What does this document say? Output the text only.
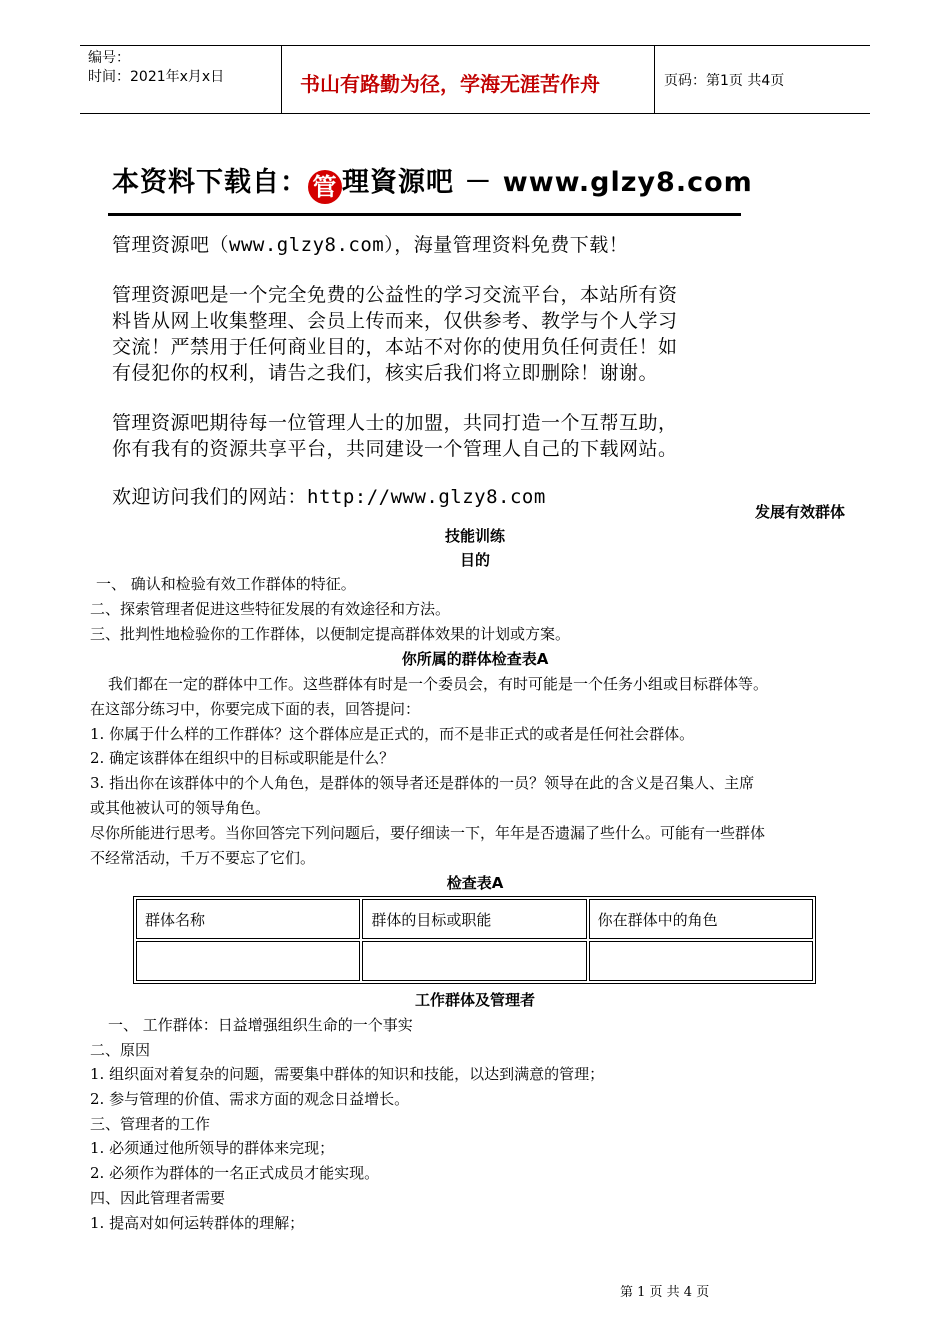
编号：
时间：2021年x月x日	书山有路勤为径，学海无涯苦作舟	页码：第1页 共4页
本资料下载自： 管 理資源吧 － www.glzy8.com
管理资源吧（www.glzy8.com），海量管理资料免费下载！
管理资源吧是一个完全免费的公益性的学习交流平台，本站所有资
料皆从网上收集整理、会员上传而来，仅供参考、教学与个人学习
交流！严禁用于任何商业目的，本站不对你的使用负任何责任！如
有侵犯你的权利，请告之我们，核实后我们将立即删除！谢谢。
管理资源吧期待每一位管理人士的加盟，共同打造一个互帮互助，
你有我有的资源共享平台，共同建设一个管理人自己的下载网站。
欢迎访问我们的网站：http://www.glzy8.com
发展有效群体
技能训练
目的
一、 确认和检验有效工作群体的特征。
二、探索管理者促进这些特征发展的有效途径和方法。
三、批判性地检验你的工作群体，以便制定提高群体效果的计划或方案。
你所属的群体检查表A
我们都在一定的群体中工作。这些群体有时是一个委员会，有时可能是一个任务小组或目标群体等。
在这部分练习中，你要完成下面的表，回答提问：
1. 你属于什么样的工作群体？这个群体应是正式的，而不是非正式的或者是任何社会群体。
2. 确定该群体在组织中的目标或职能是什么？
3. 指出你在该群体中的个人角色，是群体的领导者还是群体的一员？领导在此的含义是召集人、主席
或其他被认可的领导角色。
尽你所能进行思考。当你回答完下列问题后，要仔细读一下，年年是否遗漏了些什么。可能有一些群体
不经常活动，千万不要忘了它们。
检查表A
群体名称	群体的目标或职能	你在群体中的角色

工作群体及管理者
一、 工作群体：日益增强组织生命的一个事实
二、原因
1. 组织面对着复杂的问题，需要集中群体的知识和技能，以达到满意的管理；
2. 参与管理的价值、需求方面的观念日益增长。
三、管理者的工作
1. 必须通过他所领导的群体来完现；
2. 必须作为群体的一名正式成员才能实现。
四、因此管理者需要
1. 提高对如何运转群体的理解；
第 1 页 共 4 页
